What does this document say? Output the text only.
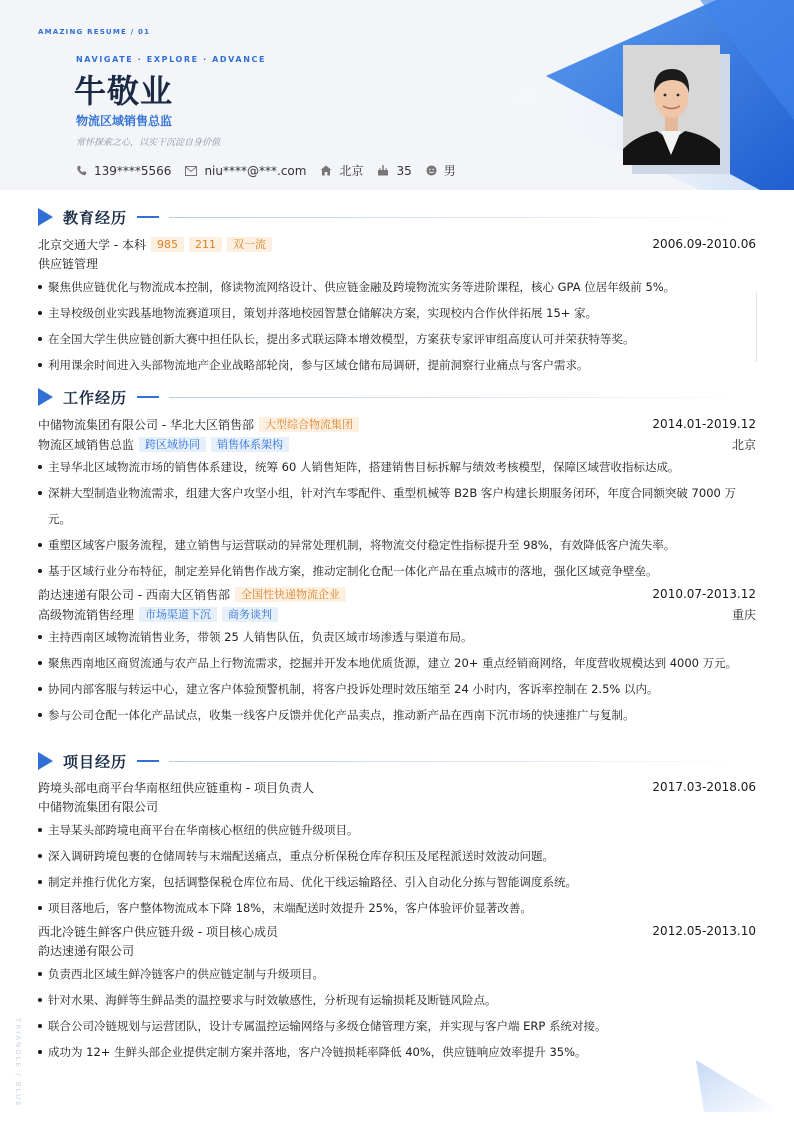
AMAZING RESUME / 01
NAVIGATE · EXPLORE · ADVANCE
牛敬业
物流区域销售总监
常怀探索之心，以实干沉淀自身价值
139****5566	niu****@***.com	北京	35	男
教育经历
北京交通大学 - 本科	985	211	双一流	2006.09-2010.06
供应链管理
聚焦供应链优化与物流成本控制，修读物流网络设计、供应链金融及跨境物流实务等进阶课程，核心 GPA 位居年级前 5%。
主导校级创业实践基地物流赛道项目，策划并落地校园智慧仓储解决方案，实现校内合作伙伴拓展 15+ 家。
在全国大学生供应链创新大赛中担任队长，提出多式联运降本增效模型，方案获专家评审组高度认可并荣获特等奖。
利用课余时间进入头部物流地产企业战略部轮岗，参与区域仓储布局调研，提前洞察行业痛点与客户需求。
工作经历
中储物流集团有限公司 - 华北大区销售部	大型综合物流集团	2014.01-2019.12
物流区域销售总监	跨区域协同	销售体系架构	北京
主导华北区域物流市场的销售体系建设，统筹 60 人销售矩阵，搭建销售目标拆解与绩效考核模型，保障区域营收指标达成。
深耕大型制造业物流需求，组建大客户攻坚小组，针对汽车零配件、重型机械等 B2B 客户构建长期服务闭环，年度合同额突破 7000 万元。
重塑区域客户服务流程，建立销售与运营联动的异常处理机制，将物流交付稳定性指标提升至 98%，有效降低客户流失率。
基于区域行业分布特征，制定差异化销售作战方案，推动定制化仓配一体化产品在重点城市的落地，强化区域竞争壁垒。
韵达速递有限公司 - 西南大区销售部	全国性快递物流企业	2010.07-2013.12
高级物流销售经理	市场渠道下沉	商务谈判	重庆
主持西南区域物流销售业务，带领 25 人销售队伍，负责区域市场渗透与渠道布局。
聚焦西南地区商贸流通与农产品上行物流需求，挖掘并开发本地优质货源，建立 20+ 重点经销商网络，年度营收规模达到 4000 万元。
协同内部客服与转运中心，建立客户体验预警机制，将客户投诉处理时效压缩至 24 小时内，客诉率控制在 2.5% 以内。
参与公司仓配一体化产品试点，收集一线客户反馈并优化产品卖点，推动新产品在西南下沉市场的快速推广与复制。
项目经历
跨境头部电商平台华南枢纽供应链重构 - 项目负责人	2017.03-2018.06
中储物流集团有限公司
主导某头部跨境电商平台在华南核心枢纽的供应链升级项目。
深入调研跨境包裹的仓储周转与末端配送痛点，重点分析保税仓库存积压及尾程派送时效波动问题。
制定并推行优化方案，包括调整保税仓库位布局、优化干线运输路径、引入自动化分拣与智能调度系统。
项目落地后，客户整体物流成本下降 18%，末端配送时效提升 25%，客户体验评价显著改善。
西北冷链生鲜客户供应链升级 - 项目核心成员	2012.05-2013.10
韵达速递有限公司
负责西北区域生鲜冷链客户的供应链定制与升级项目。
针对水果、海鲜等生鲜品类的温控要求与时效敏感性，分析现有运输损耗及断链风险点。
联合公司冷链规划与运营团队，设计专属温控运输网络与多级仓储管理方案，并实现与客户端 ERP 系统对接。
成功为 12+ 生鲜头部企业提供定制方案并落地，客户冷链损耗率降低 40%，供应链响应效率提升 35%。
TRIANGLE / BLUE
